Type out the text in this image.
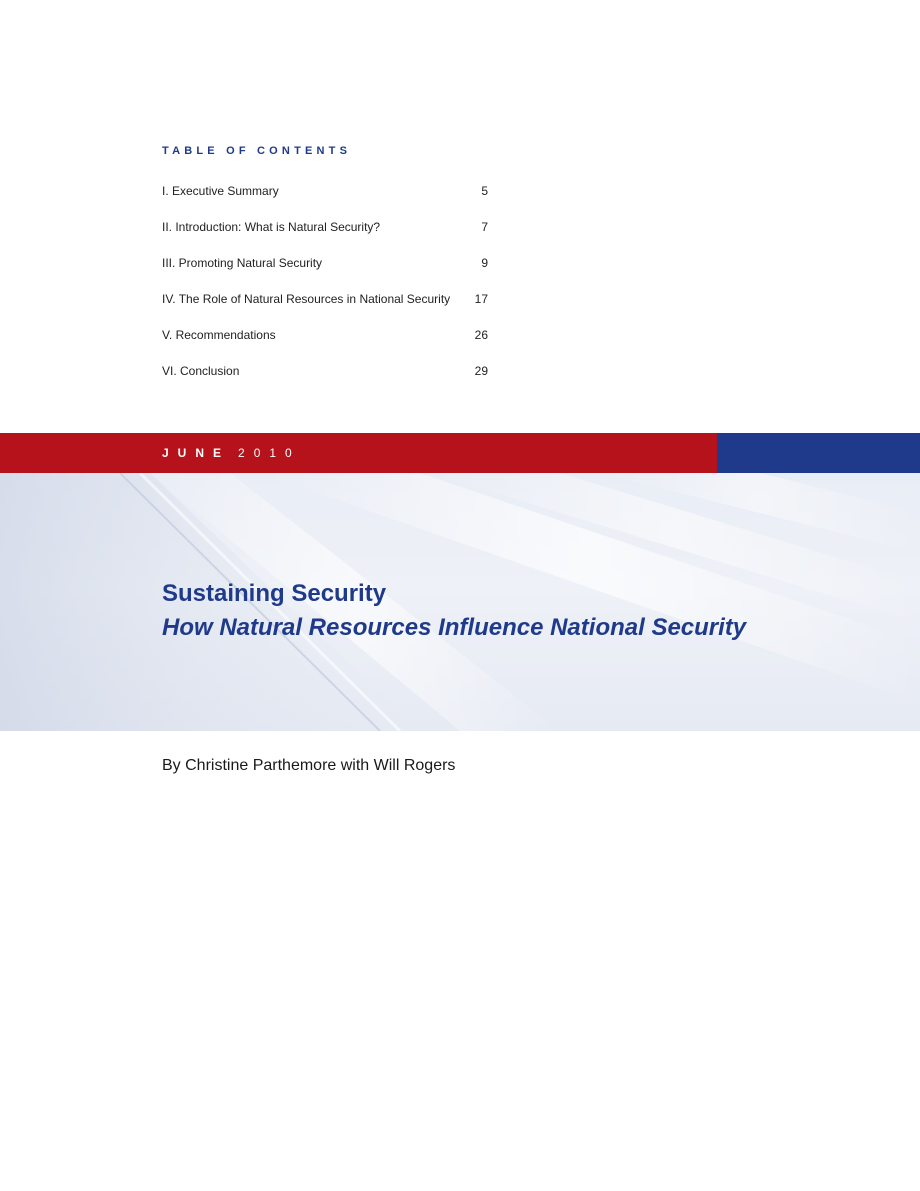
TABLE OF CONTENTS
I. Executive Summary	5
II. Introduction: What is Natural Security?	7
III. Promoting Natural Security	9
IV. The Role of Natural Resources in National Security	17
V. Recommendations	26
VI. Conclusion	29
JUNE 2010
Sustaining Security
How Natural Resources Influence National Security

By Christine Parthemore with Will Rogers
